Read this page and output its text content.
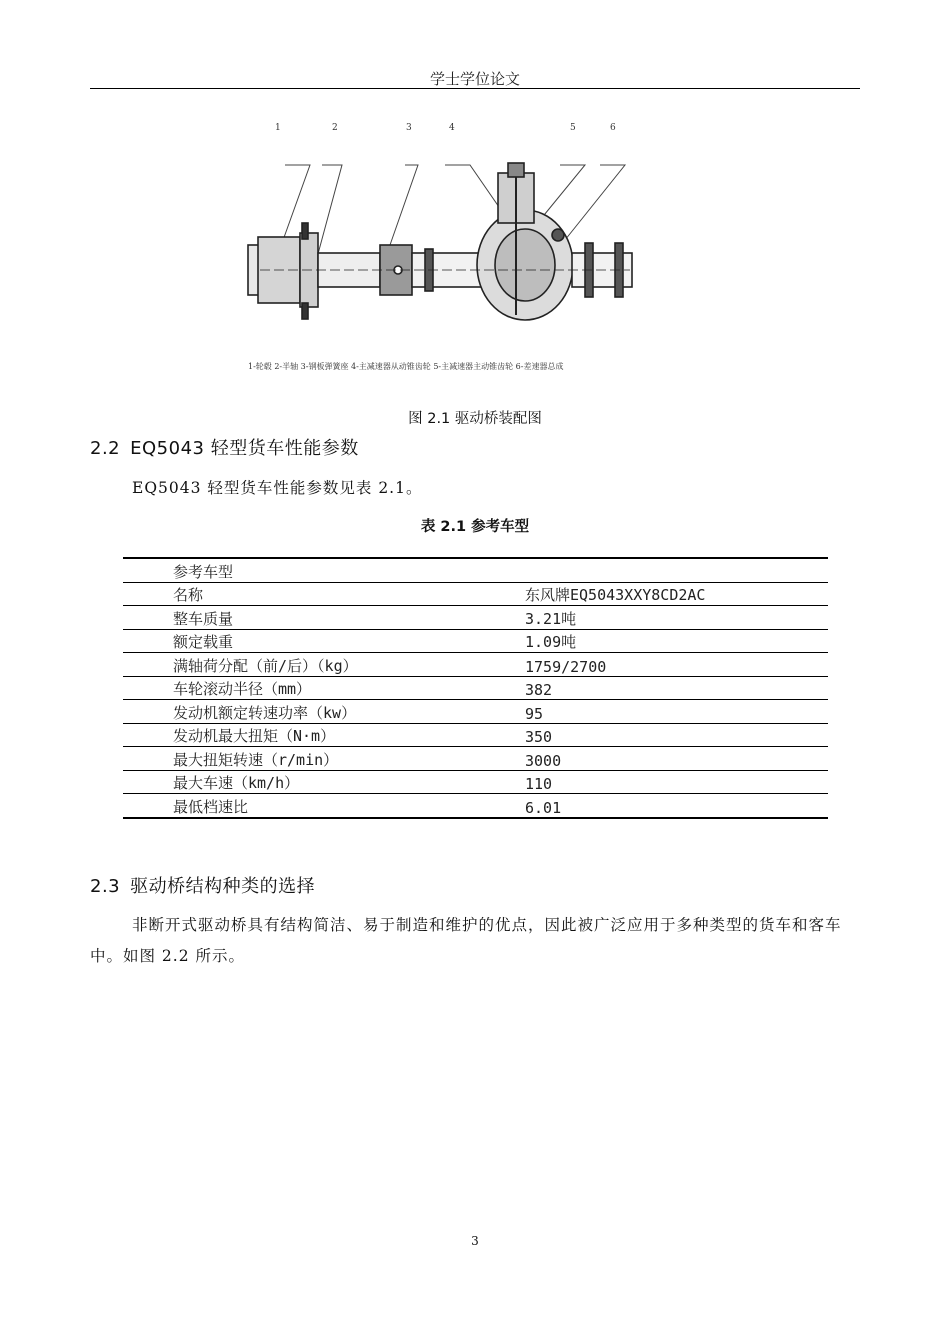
学士学位论文
1	2	3	4	5	6
1-轮毂 2-半轴 3-钢板弹簧座 4-主减速器从动锥齿轮 5-主减速器主动锥齿轮 6-差速器总成
图 2.1 驱动桥装配图
2.2 EQ5043 轻型货车性能参数
EQ5043 轻型货车性能参数见表 2.1。
表 2.1 参考车型
参考车型	
名称	东风牌EQ5043XXY8CD2AC
整车质量	3.21吨
额定载重	1.09吨
满轴荷分配（前/后）（kg）	1759/2700
车轮滚动半径（mm）	382
发动机额定转速功率（kw）	95
发动机最大扭矩（N·m）	350
最大扭矩转速（r/min）	3000
最大车速（km/h）	110
最低档速比	6.01
2.3 驱动桥结构种类的选择
非断开式驱动桥具有结构简洁、易于制造和维护的优点，因此被广泛应用于多种类型的货车和客车中。如图 2.2 所示。
3
